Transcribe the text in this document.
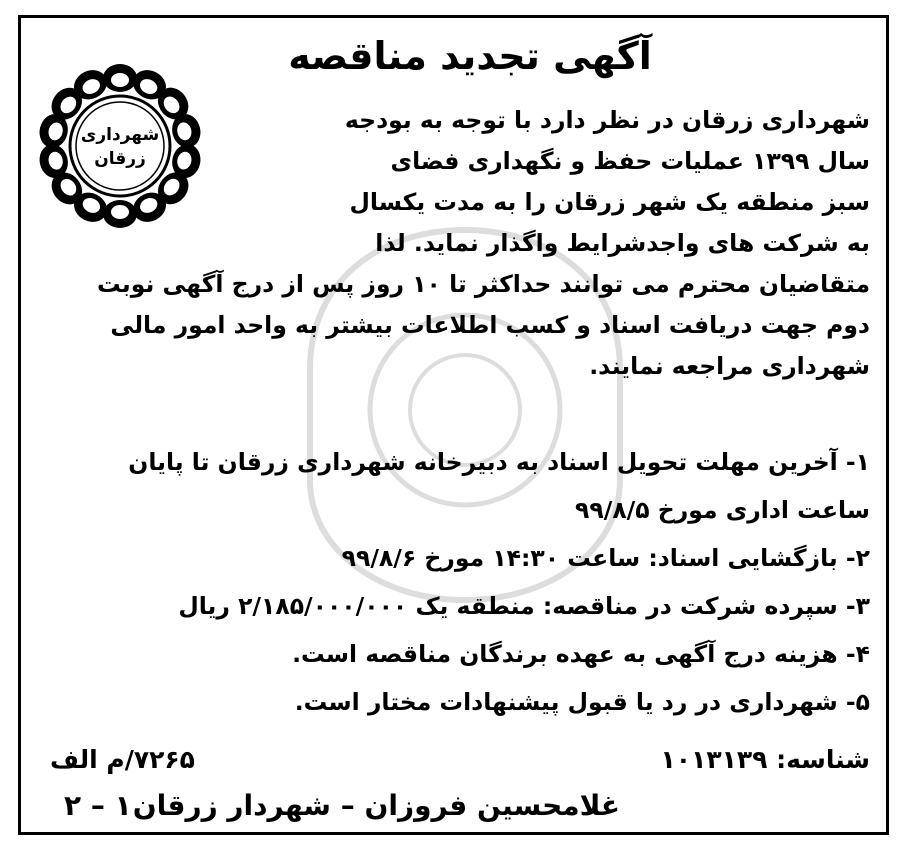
آگهی تجدید مناقصه
شهرداری
زرقان

شهرداری زرقان در نظر دارد با توجه به بودجه

سال ۱۳۹۹ عملیات حفظ و نگهداری فضای

سبز منطقه یک شهر زرقان را به مدت یکسال

به شرکت های واجدشرایط واگذار نماید. لذا

متقاضیان محترم می توانند حداکثر تا ۱۰ روز پس از درج آگهی نوبت
دوم جهت دریافت اسناد و کسب اطلاعات بیشتر به واحد امور مالی
شهرداری مراجعه نمایند.
۱- آخرین مهلت تحویل اسناد به دبیرخانه شهرداری زرقان تا پایان
ساعت اداری مورخ ۹۹/۸/۵
۲- بازگشایی اسناد: ساعت ۱۴:۳۰ مورخ ۹۹/۸/۶
۳- سپرده شرکت در مناقصه: منطقه یک ۲/۱۸۵/۰۰۰/۰۰۰ ریال
۴- هزینه درج آگهی به عهده برندگان مناقصه است.
۵- شهرداری در رد یا قبول پیشنهادات مختار است.
شناسه: ۱۰۱۳۱۳۹
۷۲۶۵/م الف
غلامحسین فروزان – شهردار زرقان
۱ – ۲
